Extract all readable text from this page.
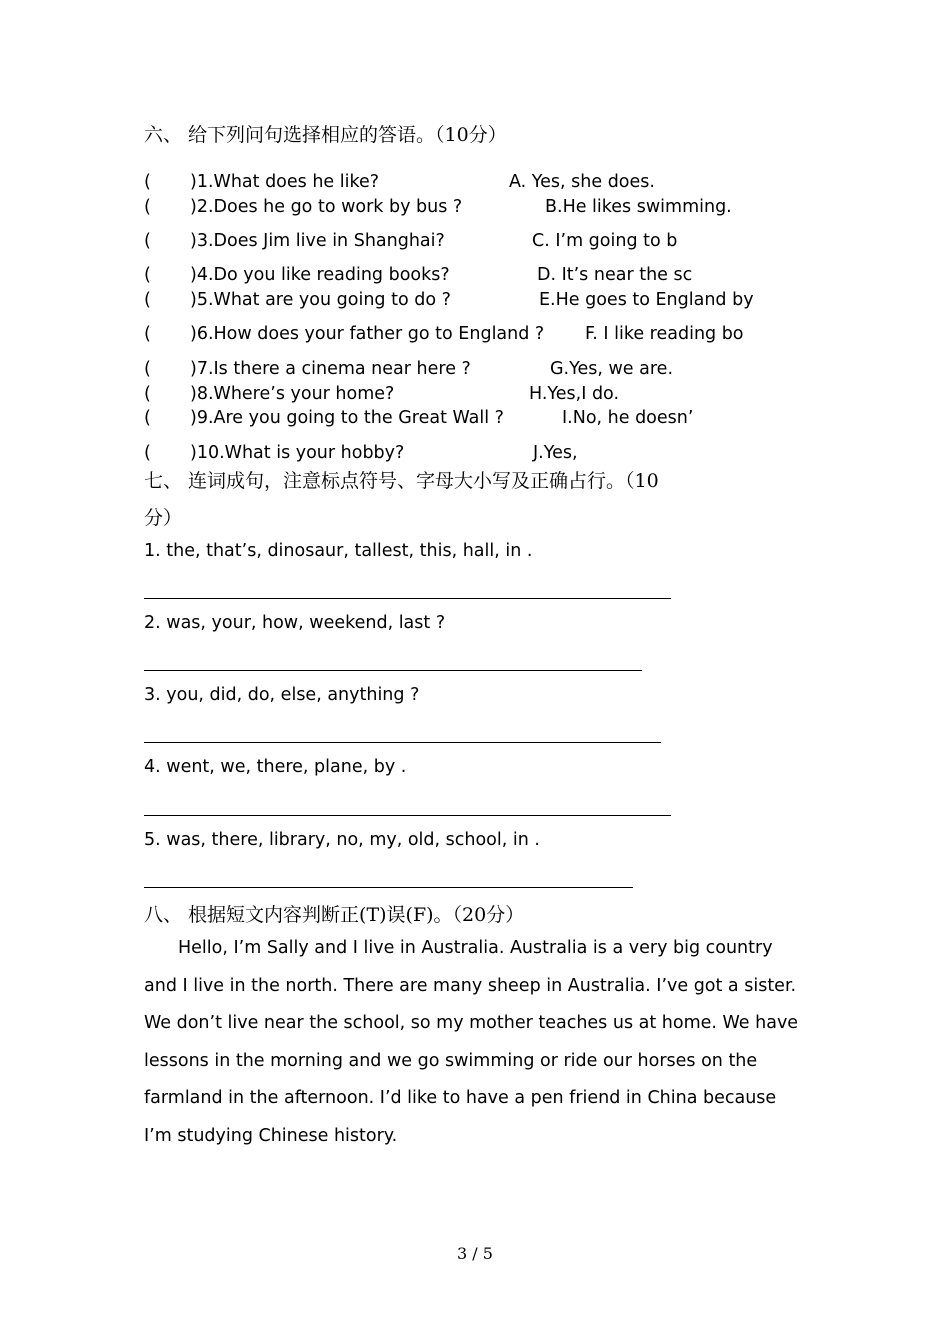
六、 给下列问句选择相应的答语。（10分）
( )1.What does he like?	A. Yes, she does.
( )2.Does he go to work by bus ?	B.He likes swimming.
( )3.Does Jim live in Shanghai?	C. I’m going to b
( )4.Do you like reading books?	D. It’s near the sc
( )5.What are you going to do ?	E.He goes to England by
( )6.How does your father go to England ? F. I like reading bo
( )7.Is there a cinema near here ?	G.Yes, we are.
( )8.Where’s your home?	H.Yes,I do.
( )9.Are you going to the Great Wall ?	I.No, he doesn’
( )10.What is your hobby?	J.Yes,
七、 连词成句，注意标点符号、字母大小写及正确占行。（10
分）
1. the, that’s, dinosaur, tallest, this, hall, in .
2. was, your, how, weekend, last ?
3. you, did, do, else, anything ?
4. went, we, there, plane, by .
5. was, there, library, no, my, old, school, in .
八、 根据短文内容判断正(T)误(F)。（20分）

Hello, I’m Sally and I live in Australia. Australia is a very big country and I live in the north. There are many sheep in Australia. I’ve got a sister. We don’t live near the school, so my mother teaches us at home. We have lessons in the morning and we go swimming or ride our horses on the farmland in the afternoon. I’d like to have a pen friend in China because I’m studying Chinese history.

3 / 5
